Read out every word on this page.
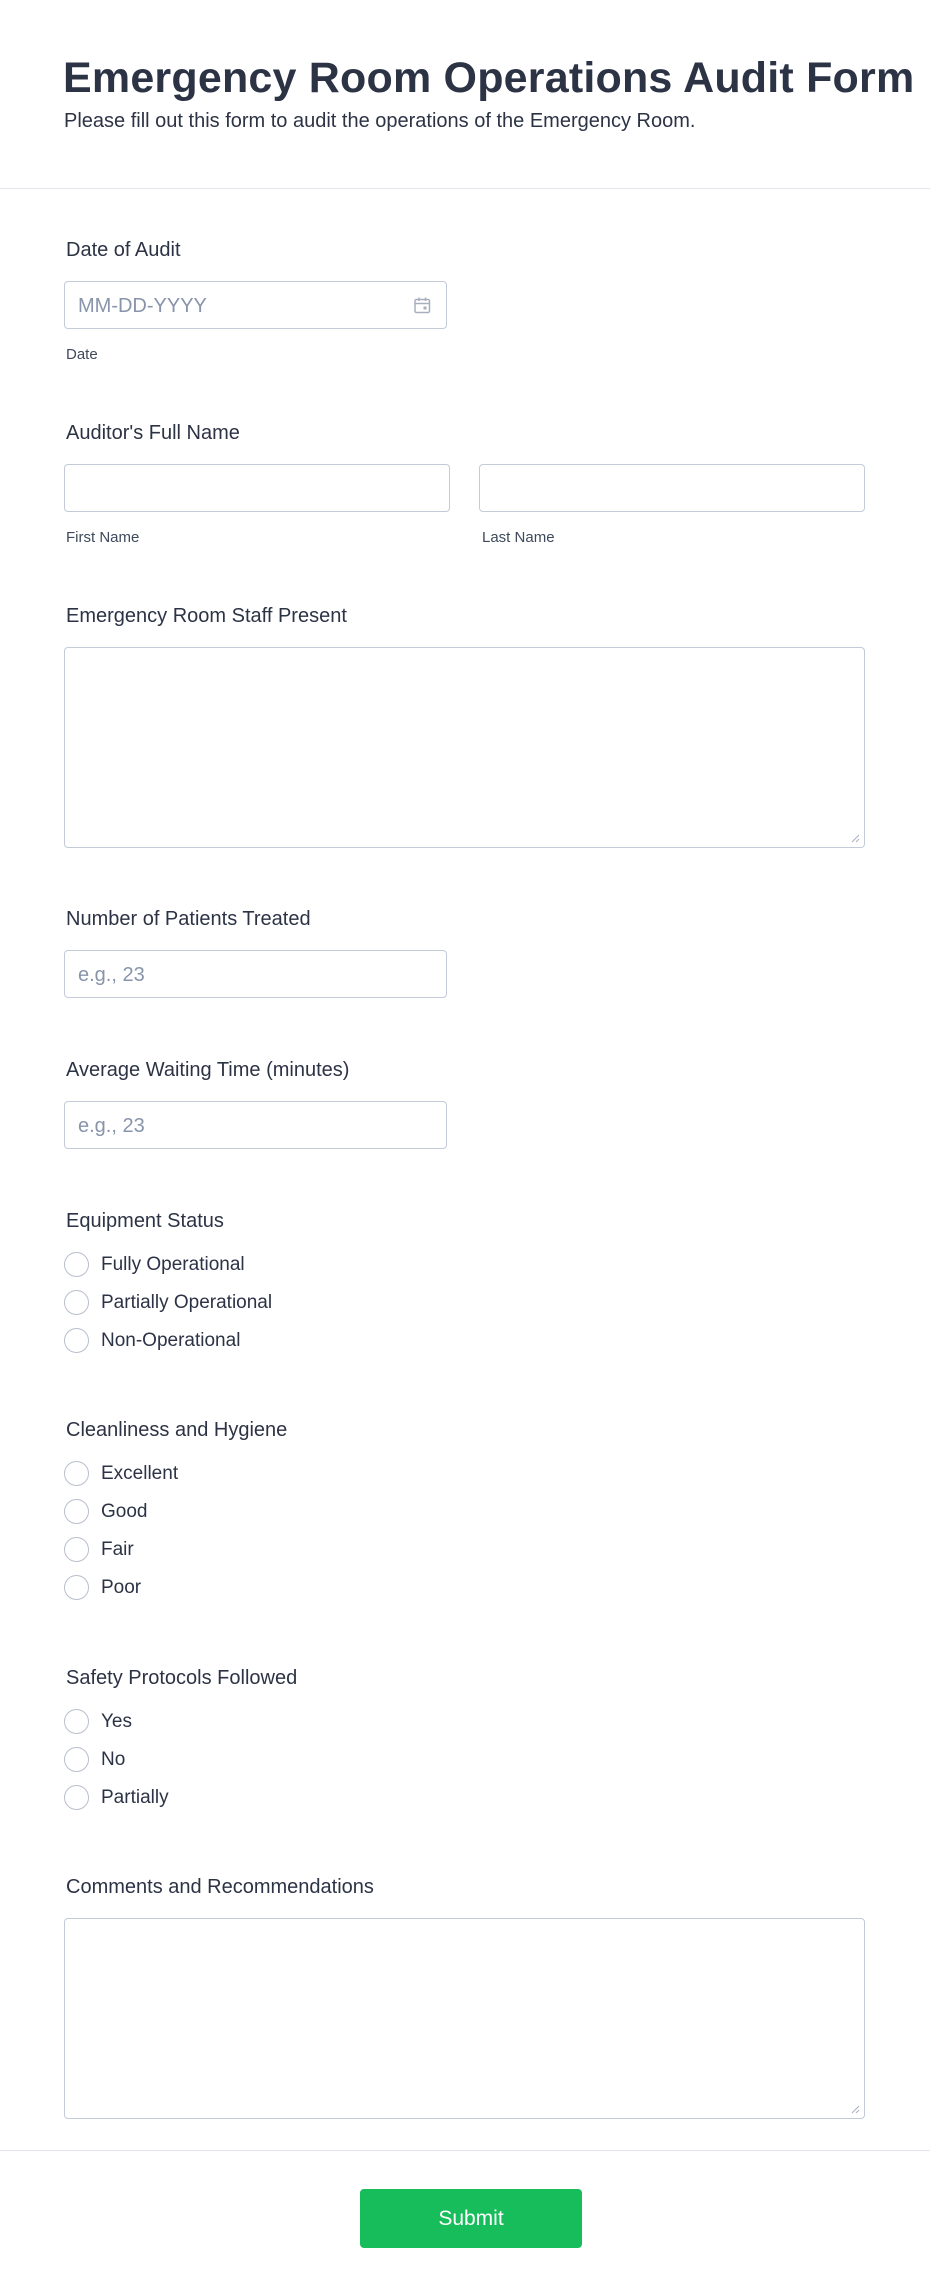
Emergency Room Operations Audit Form
Please fill out this form to audit the operations of the Emergency Room.
Date of Audit
MM-DD-YYYY
Date
Auditor's Full Name
First Name	Last Name
Emergency Room Staff Present
Number of Patients Treated
e.g., 23
Average Waiting Time (minutes)
e.g., 23
Equipment Status
Fully Operational
Partially Operational
Non-Operational
Cleanliness and Hygiene
Excellent
Good
Fair
Poor
Safety Protocols Followed
Yes
No
Partially
Comments and Recommendations
Submit
